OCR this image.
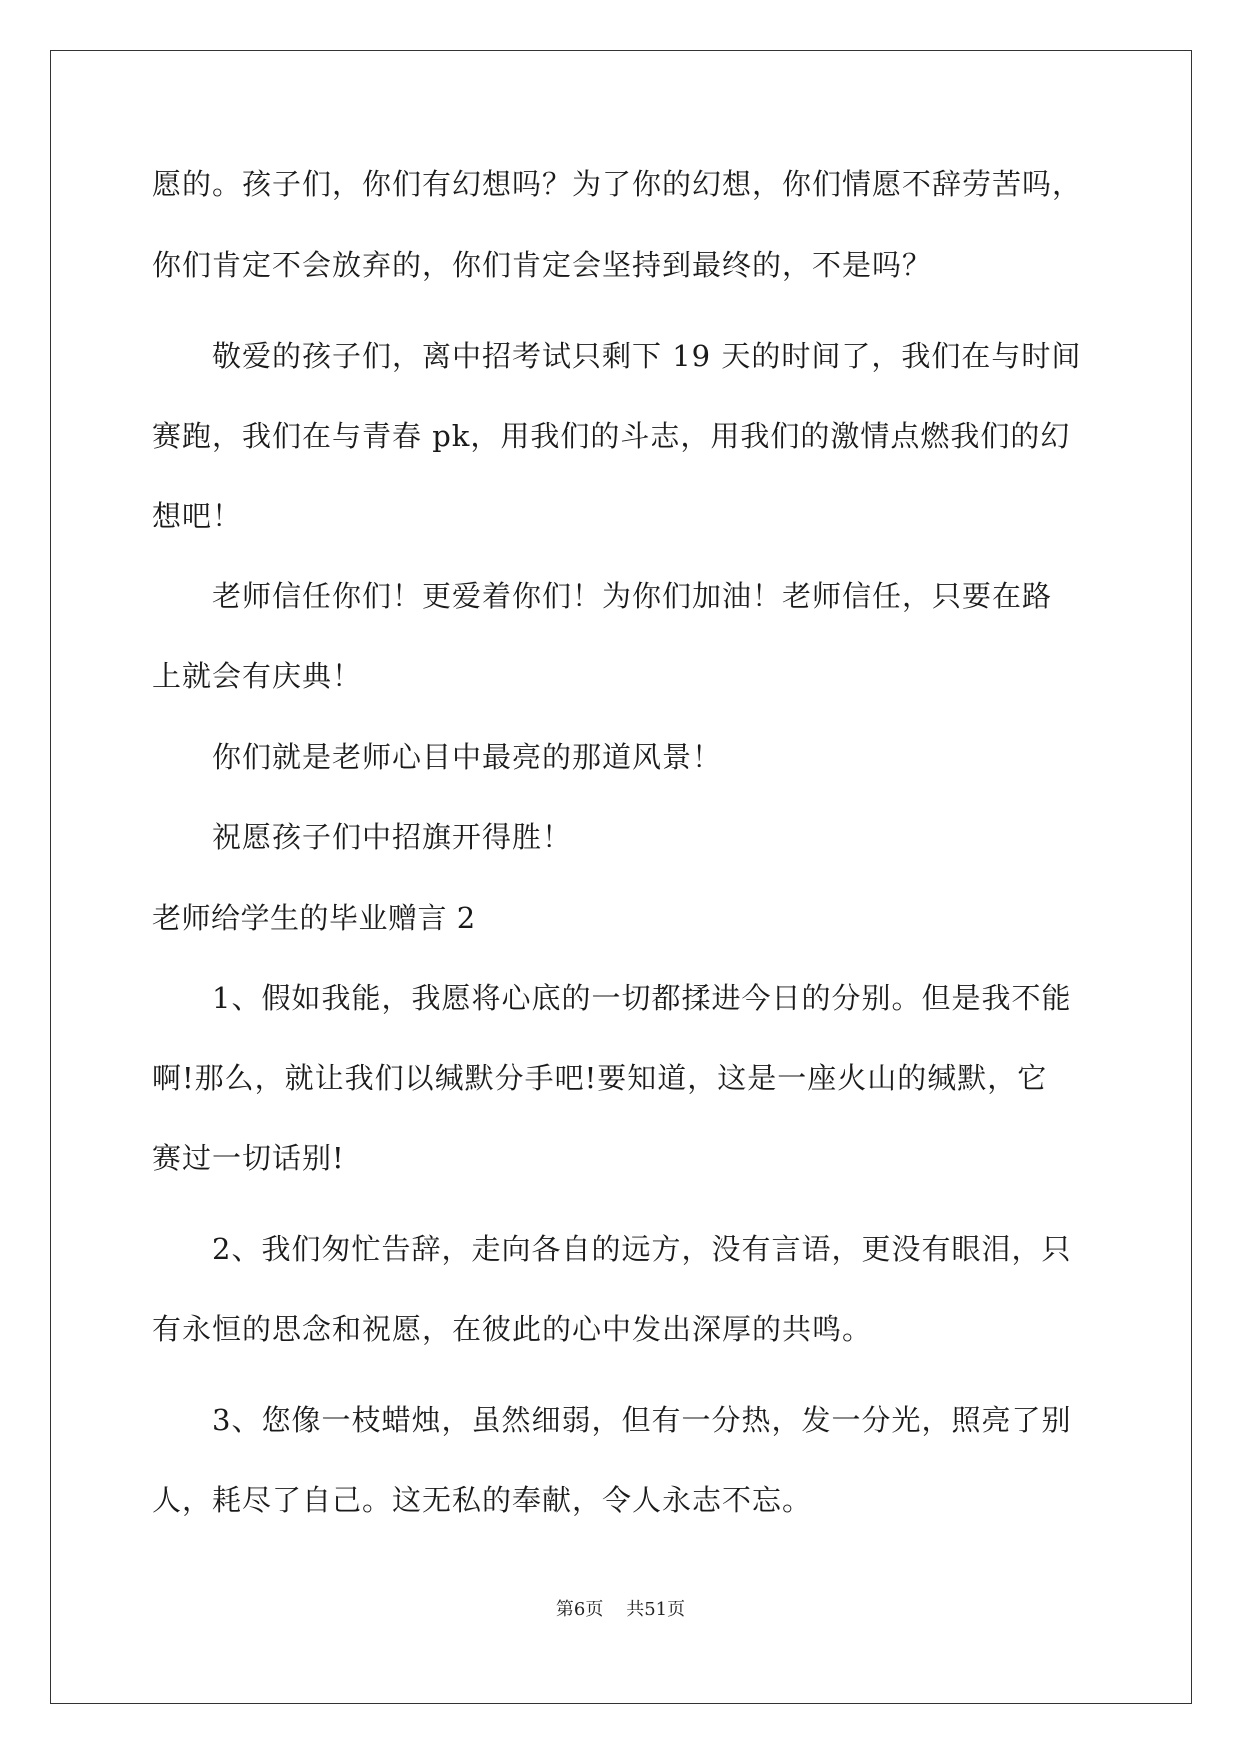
愿的。孩子们，你们有幻想吗？为了你的幻想，你们情愿不辞劳苦吗，
你们肯定不会放弃的，你们肯定会坚持到最终的，不是吗？
敬爱的孩子们，离中招考试只剩下 19 天的时间了，我们在与时间
赛跑，我们在与青春 pk，用我们的斗志，用我们的激情点燃我们的幻
想吧！
老师信任你们！更爱着你们！为你们加油！老师信任，只要在路
上就会有庆典！
你们就是老师心目中最亮的那道风景！
祝愿孩子们中招旗开得胜！
老师给学生的毕业赠言 2
1、假如我能，我愿将心底的一切都揉进今日的分别。但是我不能
啊!那么，就让我们以缄默分手吧!要知道，这是一座火山的缄默，它
赛过一切话别!
2、我们匆忙告辞，走向各自的远方，没有言语，更没有眼泪，只
有永恒的思念和祝愿，在彼此的心中发出深厚的共鸣。
3、您像一枝蜡烛，虽然细弱，但有一分热，发一分光，照亮了别
人，耗尽了自己。这无私的奉献，令人永志不忘。
第6页 共51页
